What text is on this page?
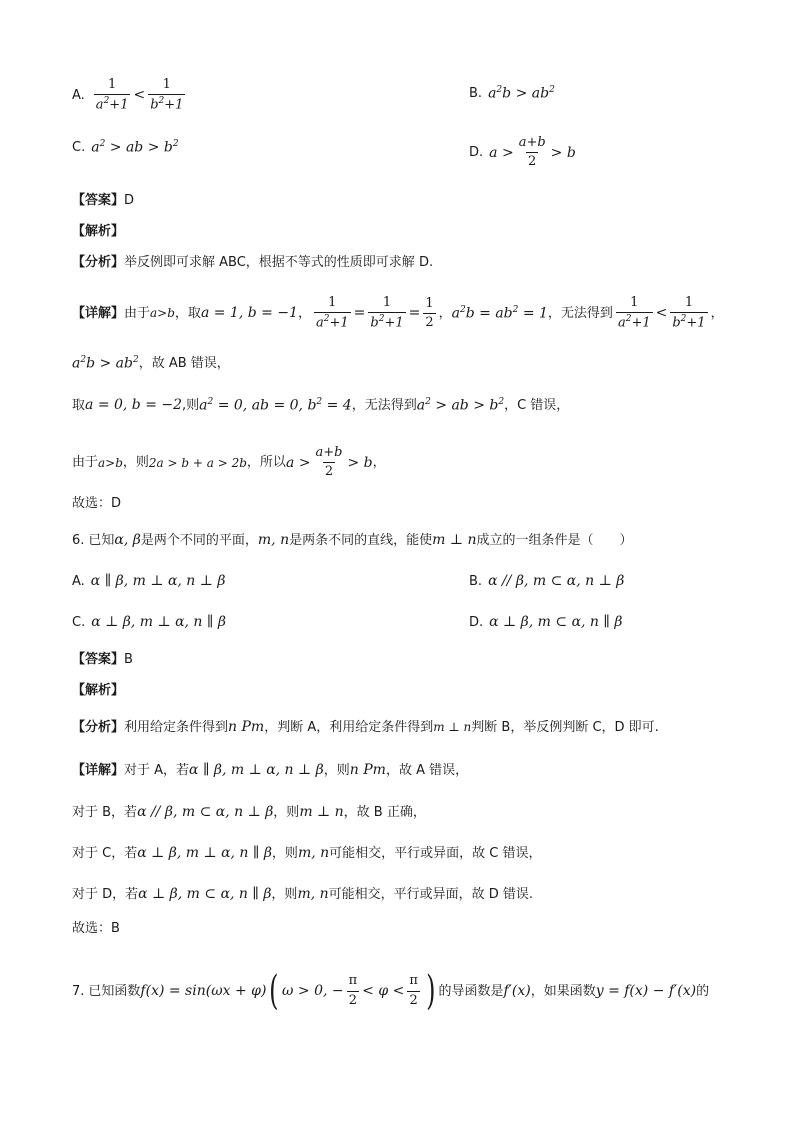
A. $\frac{1}{a^2+1} < \frac{1}{b^2+1}$	B. $a^2b > ab^2$
C. $a^2$ > ab > $b^2$
D. $a > \frac{a+b}{2} > b$
【答案】 D
【解析】
【分析】 举反例即可求解 ABC，根据不等式的性质即可求解 D.
【详解】 由于 a>b ，取 a = 1, b = −1 ， $\frac{1}{a^2+1} = \frac{1}{b^2+1} = \frac{1}{2}$ ， $a^2b = ab^2 = 1$ ，无法得到 $\frac{1}{a^2+1} < \frac{1}{b^2+1}$ ，
$a^2b > ab^2$ ，故 AB 错误，
取 a = 0, b = −2 ,则 $a^2 = 0$, ab = 0, $b^2 = 4$ ，无法得到 $a^2$ > ab > $b^2$ ，C 错误，
由于 a>b ，则 2a > b + a > 2b ，所以 $a > \frac{a+b}{2} > b$ ，
故选：D
6. 已知 α, β 是两个不同的平面， m, n 是两条不同的直线，能使 m ⊥ n 成立的一组条件是（　　）
A. α ∥ β, m ⊥ α, n ⊥ β	B. α // β, m ⊂ α, n ⊥ β
C. α ⊥ β, m ⊥ α, n ∥ β	D. α ⊥ β, m ⊂ α, n ∥ β
【答案】 B
【解析】
【分析】 利用给定条件得到 n Pm ，判断 A，利用给定条件得到 m ⊥ n 判断 B，举反例判断 C，D 即可.
【详解】 对于 A，若 α ∥ β, m ⊥ α, n ⊥ β ，则 n Pm ，故 A 错误，
对于 B，若 α // β, m ⊂ α, n ⊥ β ，则 m ⊥ n ，故 B 正确，
对于 C，若 α ⊥ β, m ⊥ α, n ∥ β ，则 m, n 可能相交，平行或异面，故 C 错误，
对于 D，若 α ⊥ β, m ⊂ α, n ∥ β ，则 m, n 可能相交，平行或异面，故 D 错误.
故选：B
7. 已知函数 f(x) = sin(ωx + φ) ( ω > 0, − $\frac{\pi}{2} < \varphi < \frac{\pi}{2}$ ) 的导函数是 f′(x) ，如果函数 y = f(x) − f′(x) 的
